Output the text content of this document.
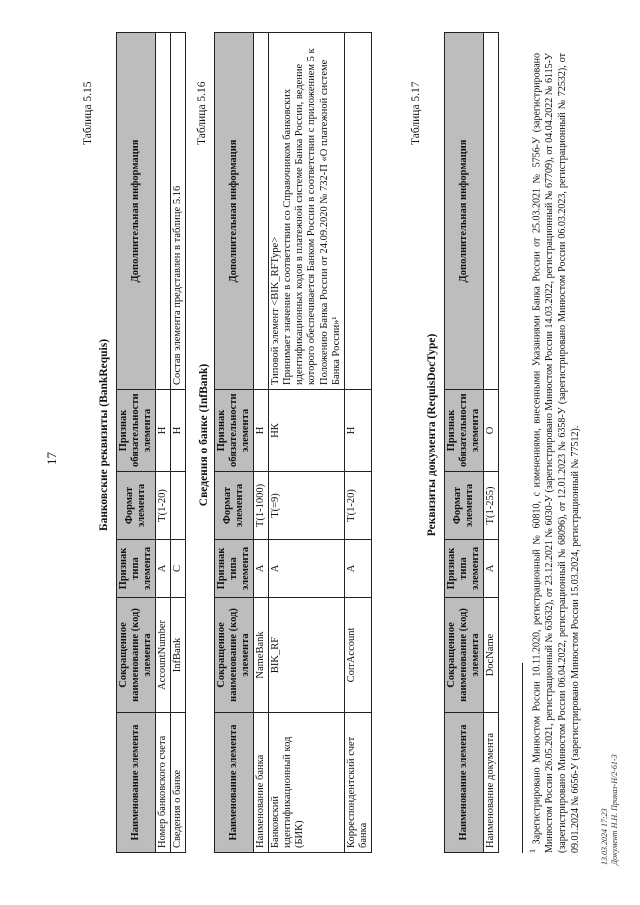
17
Таблица 5.15
Банковские реквизиты (BankRequis)
Наименование элемента	Сокращенное наименование (код) элемента	Признак типа элемента	Формат элемента	Признак обязательности элемента	Дополнительная информация
Номер банковского счета	AccountNumber	А	T(1-20)	Н	
Сведения о банке	InfBank	С		Н	Состав элемента представлен в таблице 5.16
Таблица 5.16
Сведения о банке (InfBank)
Наименование элемента	Сокращенное наименование (код) элемента	Признак типа элемента	Формат элемента	Признак обязательности элемента	Дополнительная информация
Наименование банка	NameBank	А	T(1-1000)	Н	
Банковский идентификационный код (БИК)	BIK_RF	А	T(=9)	НК	Типовой элемент <BIK_RFType>
Принимает значение в соответствии со Справочником банковских идентификационных кодов в платежной системе Банка России, ведение которого обеспечивается Банком России в соответствии с приложением 5 к Положению Банка России от 24.09.2020 № 732-П «О платежной системе Банка России»¹
Корреспондентский счет банка	CorrAccount	А	T(1-20)	Н	
Таблица 5.17
Реквизиты документа (RequisDocType)
Наименование элемента	Сокращенное наименование (код) элемента	Признак типа элемента	Формат элемента	Признак обязательности элемента	Дополнительная информация
Наименование документа	DocName	А	T(1-255)	О	
$^1$ Зарегистрировано Минюстом России 10.11.2020, регистрационный № 60810, с изменениями, внесенными Указаниями Банка России от 25.03.2021 № 5756-У (зарегистрировано Минюстом России 26.05.2021, регистрационный № 63632), от 23.12.2021 № 6030-У (зарегистрировано Минюстом России 14.03.2022, регистрационный № 67709), от 04.04.2022 № 6115-У (зарегистрировано Минюстом России 06.04.2022, регистрационный № 68096), от 12.01.2023 № 6358-У (зарегистрировано Минюстом России 06.03.2023, регистрационный № 72532), от 09.01.2024 № 6656-У (зарегистрировано Минюстом России 15.03.2024, регистрационный № 77512). 13.03.2024 17:23 Документ Н.Н. Приказ-Н/2-61-3
